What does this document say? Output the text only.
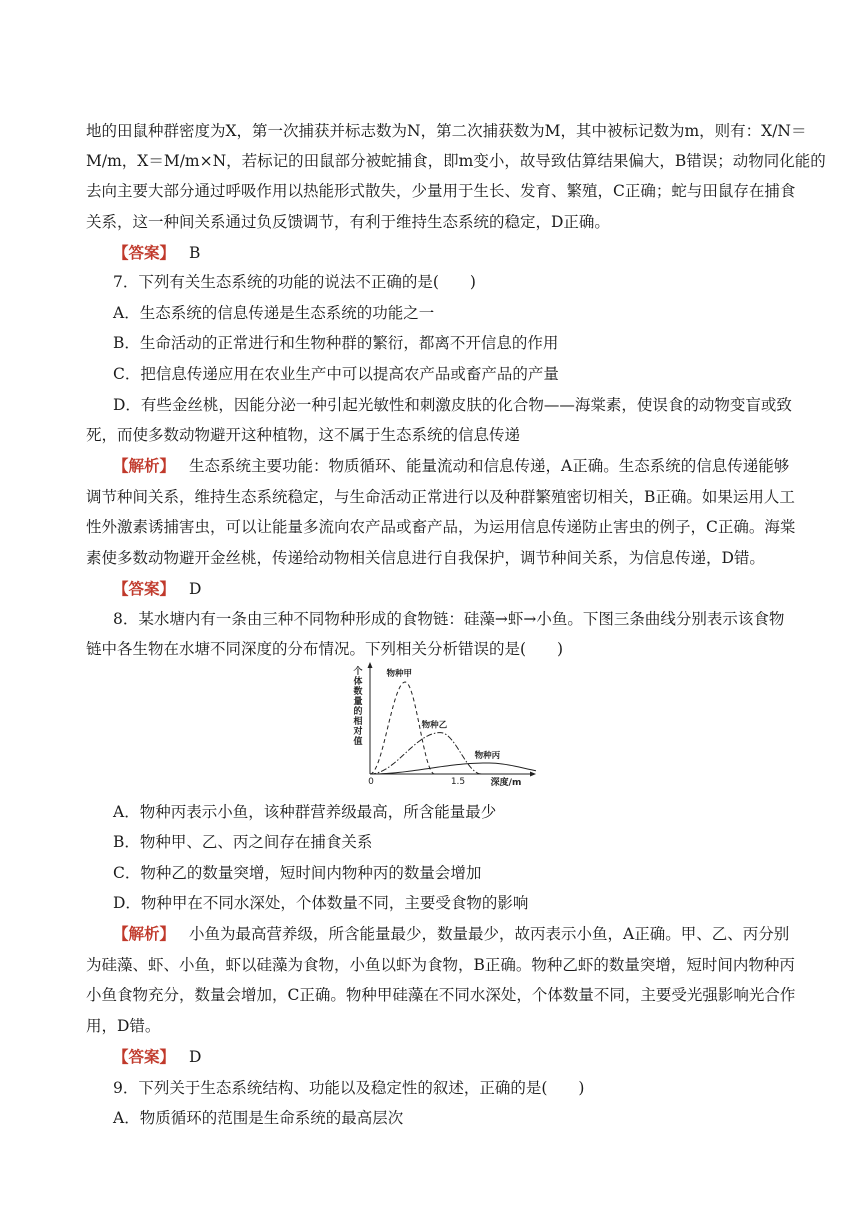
地的田鼠种群密度为X，第一次捕获并标志数为N，第二次捕获数为M，其中被标记数为m，则有：X/N＝
M/m，X＝M/m×N，若标记的田鼠部分被蛇捕食，即m变小，故导致估算结果偏大，B错误；动物同化能的
去向主要大部分通过呼吸作用以热能形式散失，少量用于生长、发育、繁殖，C正确；蛇与田鼠存在捕食
关系，这一种间关系通过负反馈调节，有利于维持生态系统的稳定，D正确。
【答案】 B
7．下列有关生态系统的功能的说法不正确的是(　　)
A．生态系统的信息传递是生态系统的功能之一
B．生命活动的正常进行和生物种群的繁衍，都离不开信息的作用
C．把信息传递应用在农业生产中可以提高农产品或畜产品的产量
D．有些金丝桃，因能分泌一种引起光敏性和刺激皮肤的化合物——海棠素，使误食的动物变盲或致
死，而使多数动物避开这种植物，这不属于生态系统的信息传递
【解析】 生态系统主要功能：物质循环、能量流动和信息传递，A正确。生态系统的信息传递能够
调节种间关系，维持生态系统稳定，与生命活动正常进行以及种群繁殖密切相关，B正确。如果运用人工
性外激素诱捕害虫，可以让能量多流向农产品或畜产品，为运用信息传递防止害虫的例子，C正确。海棠
素使多数动物避开金丝桃，传递给动物相关信息进行自我保护，调节种间关系，为信息传递，D错。
【答案】 D
8．某水塘内有一条由三种不同物种形成的食物链：硅藻→虾→小鱼。下图三条曲线分别表示该食物
链中各生物在水塘不同深度的分布情况。下列相关分析错误的是(　　)
个
体
数
量
的
相
对
值
0	1.5	深度/m
物种甲
物种乙
物种丙
A．物种丙表示小鱼，该种群营养级最高，所含能量最少
B．物种甲、乙、丙之间存在捕食关系
C．物种乙的数量突增，短时间内物种丙的数量会增加
D．物种甲在不同水深处，个体数量不同，主要受食物的影响
【解析】 小鱼为最高营养级，所含能量最少，数量最少，故丙表示小鱼，A正确。甲、乙、丙分别
为硅藻、虾、小鱼，虾以硅藻为食物，小鱼以虾为食物，B正确。物种乙虾的数量突增，短时间内物种丙
小鱼食物充分，数量会增加，C正确。物种甲硅藻在不同水深处，个体数量不同，主要受光强影响光合作
用，D错。
【答案】 D
9．下列关于生态系统结构、功能以及稳定性的叙述，正确的是(　　)
A．物质循环的范围是生命系统的最高层次
